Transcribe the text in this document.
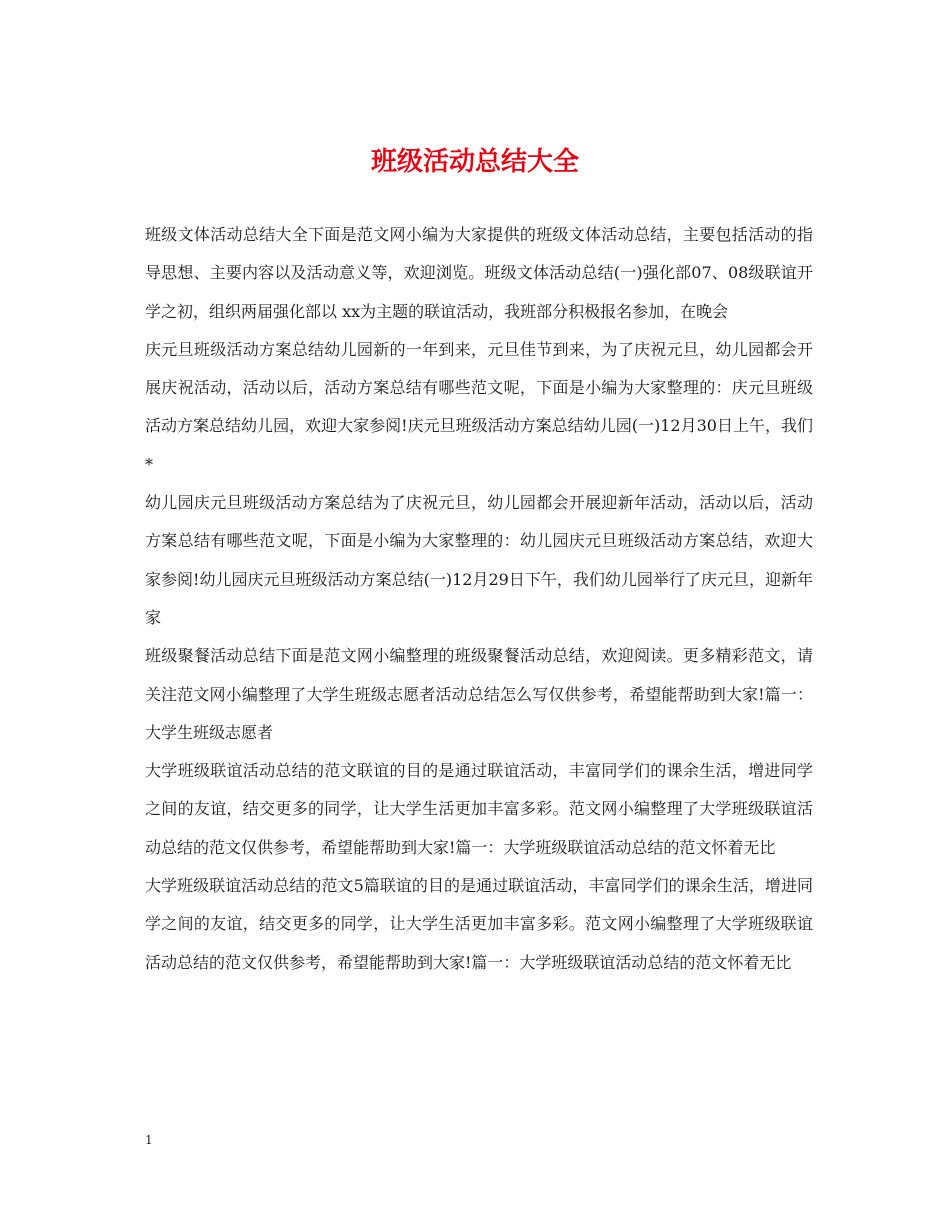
班级活动总结大全

班级文体活动总结大全下面是范文网小编为大家提供的班级文体活动总结，主要包括活动的指导思想、主要内容以及活动意义等，欢迎浏览。班级文体活动总结(一)强化部07、08级联谊开学之初，组织两届强化部以 xx为主题的联谊活动，我班部分积极报名参加，在晚会

庆元旦班级活动方案总结幼儿园新的一年到来，元旦佳节到来，为了庆祝元旦，幼儿园都会开展庆祝活动，活动以后，活动方案总结有哪些范文呢，下面是小编为大家整理的：庆元旦班级活动方案总结幼儿园，欢迎大家参阅!庆元旦班级活动方案总结幼儿园(一)12月30日上午，我们*

幼儿园庆元旦班级活动方案总结为了庆祝元旦，幼儿园都会开展迎新年活动，活动以后，活动方案总结有哪些范文呢，下面是小编为大家整理的：幼儿园庆元旦班级活动方案总结，欢迎大家参阅!幼儿园庆元旦班级活动方案总结(一)12月29日下午，我们幼儿园举行了庆元旦，迎新年家

班级聚餐活动总结下面是范文网小编整理的班级聚餐活动总结，欢迎阅读。更多精彩范文，请关注范文网小编整理了大学生班级志愿者活动总结怎么写仅供参考，希望能帮助到大家!篇一：大学生班级志愿者

大学班级联谊活动总结的范文联谊的目的是通过联谊活动，丰富同学们的课余生活，增进同学之间的友谊，结交更多的同学，让大学生活更加丰富多彩。范文网小编整理了大学班级联谊活动总结的范文仅供参考，希望能帮助到大家!篇一：大学班级联谊活动总结的范文怀着无比

大学班级联谊活动总结的范文5篇联谊的目的是通过联谊活动，丰富同学们的课余生活，增进同学之间的友谊，结交更多的同学，让大学生活更加丰富多彩。范文网小编整理了大学班级联谊活动总结的范文仅供参考，希望能帮助到大家!篇一：大学班级联谊活动总结的范文怀着无比

1
